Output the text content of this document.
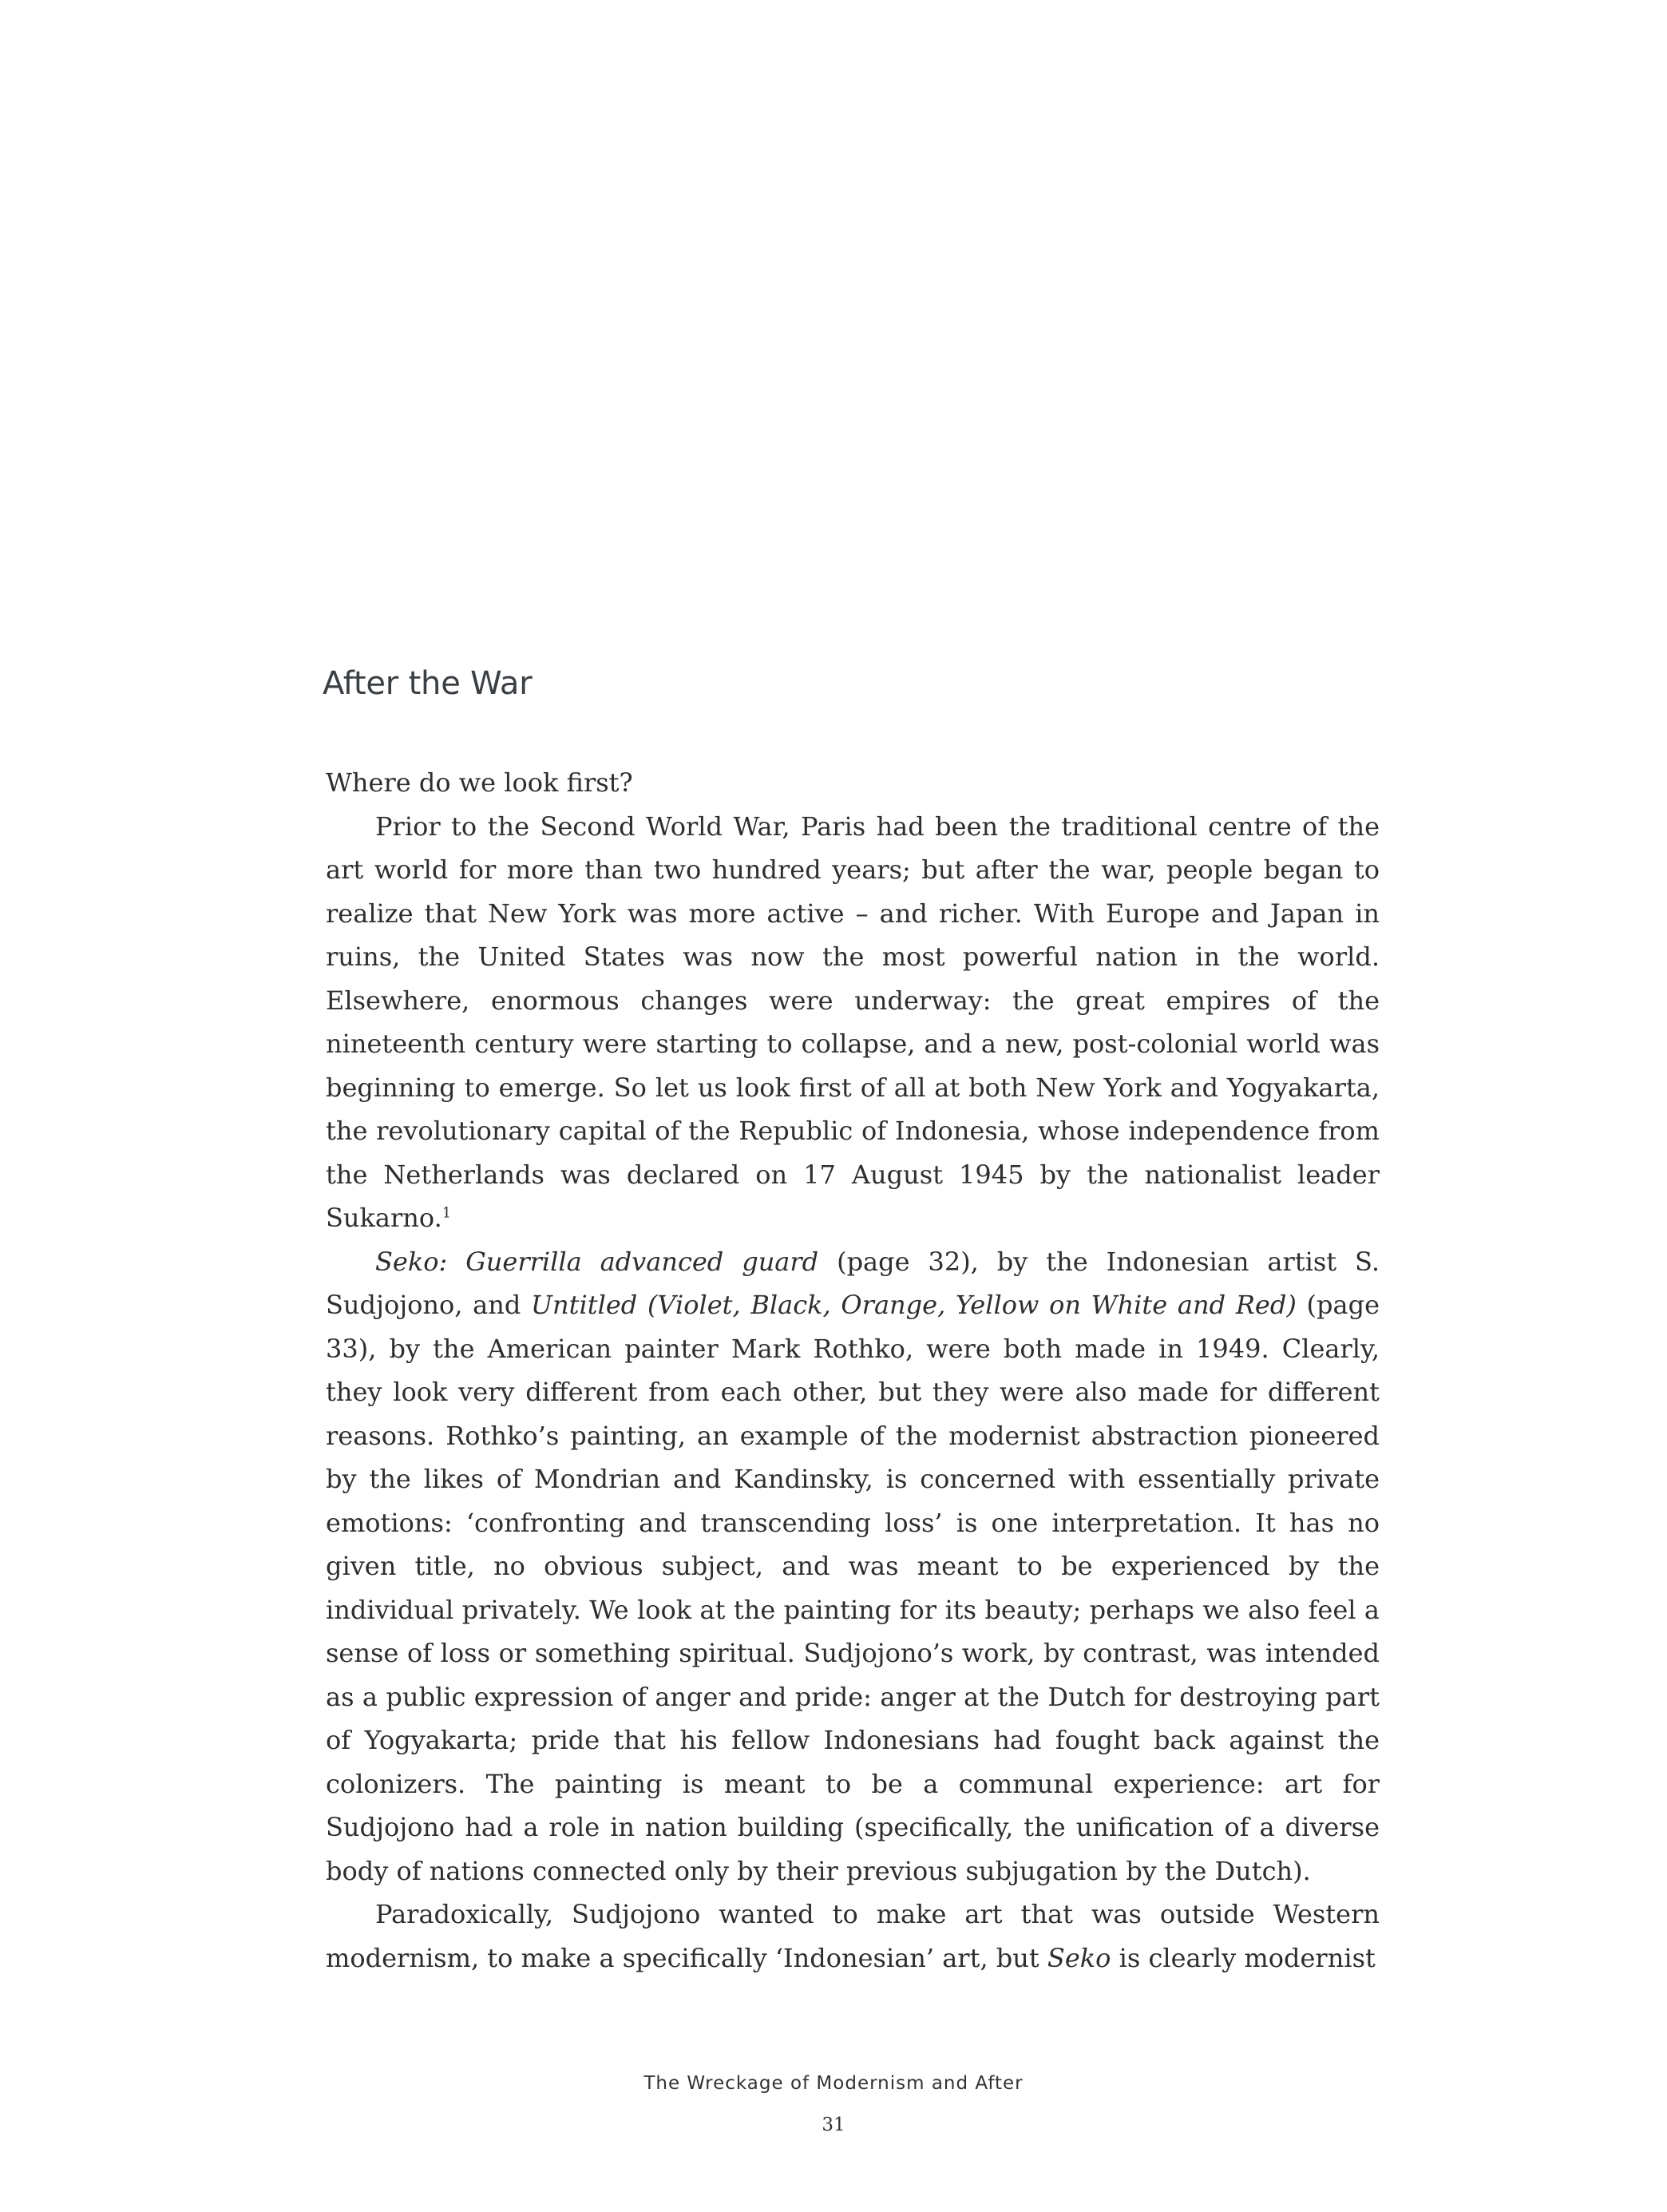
After the War

Where do we look first?

Prior to the Second World War, Paris had been the traditional centre of the art world for more than two hundred years; but after the war, people began to realize that New York was more active – and richer. With Europe and Japan in ruins, the United States was now the most powerful nation in the world. Elsewhere, enormous changes were underway: the great empires of the nineteenth century were starting to collapse, and a new, post-colonial world was beginning to emerge. So let us look first of all at both New York and Yogyakarta, the revolutionary capital of the Republic of Indonesia, whose independence from the Netherlands was declared on 17 August 1945 by the nationalist leader Sukarno.$^1$

Seko: Guerrilla advanced guard (page 32), by the Indonesian artist S. Sudjojono, and Untitled (Violet, Black, Orange, Yellow on White and Red) (page 33), by the American painter Mark Rothko, were both made in 1949. Clearly, they look very different from each other, but they were also made for different reasons. Rothko’s painting, an example of the modernist abstraction pioneered by the likes of Mondrian and Kandinsky, is concerned with essentially private emotions: ‘confronting and transcending loss’ is one interpretation. It has no given title, no obvious subject, and was meant to be experienced by the individual privately. We look at the painting for its beauty; perhaps we also feel a sense of loss or something spiritual. Sudjojono’s work, by contrast, was intended as a public expression of anger and pride: anger at the Dutch for destroying part of Yogyakarta; pride that his fellow Indonesians had fought back against the colonizers. The painting is meant to be a communal experience: art for Sudjojono had a role in nation building (specifically, the unification of a diverse body of nations connected only by their previous subjugation by the Dutch).

Paradoxically, Sudjojono wanted to make art that was outside Western modernism, to make a specifically ‘Indonesian’ art, but Seko is clearly modernist

The Wreckage of Modernism and After
31
